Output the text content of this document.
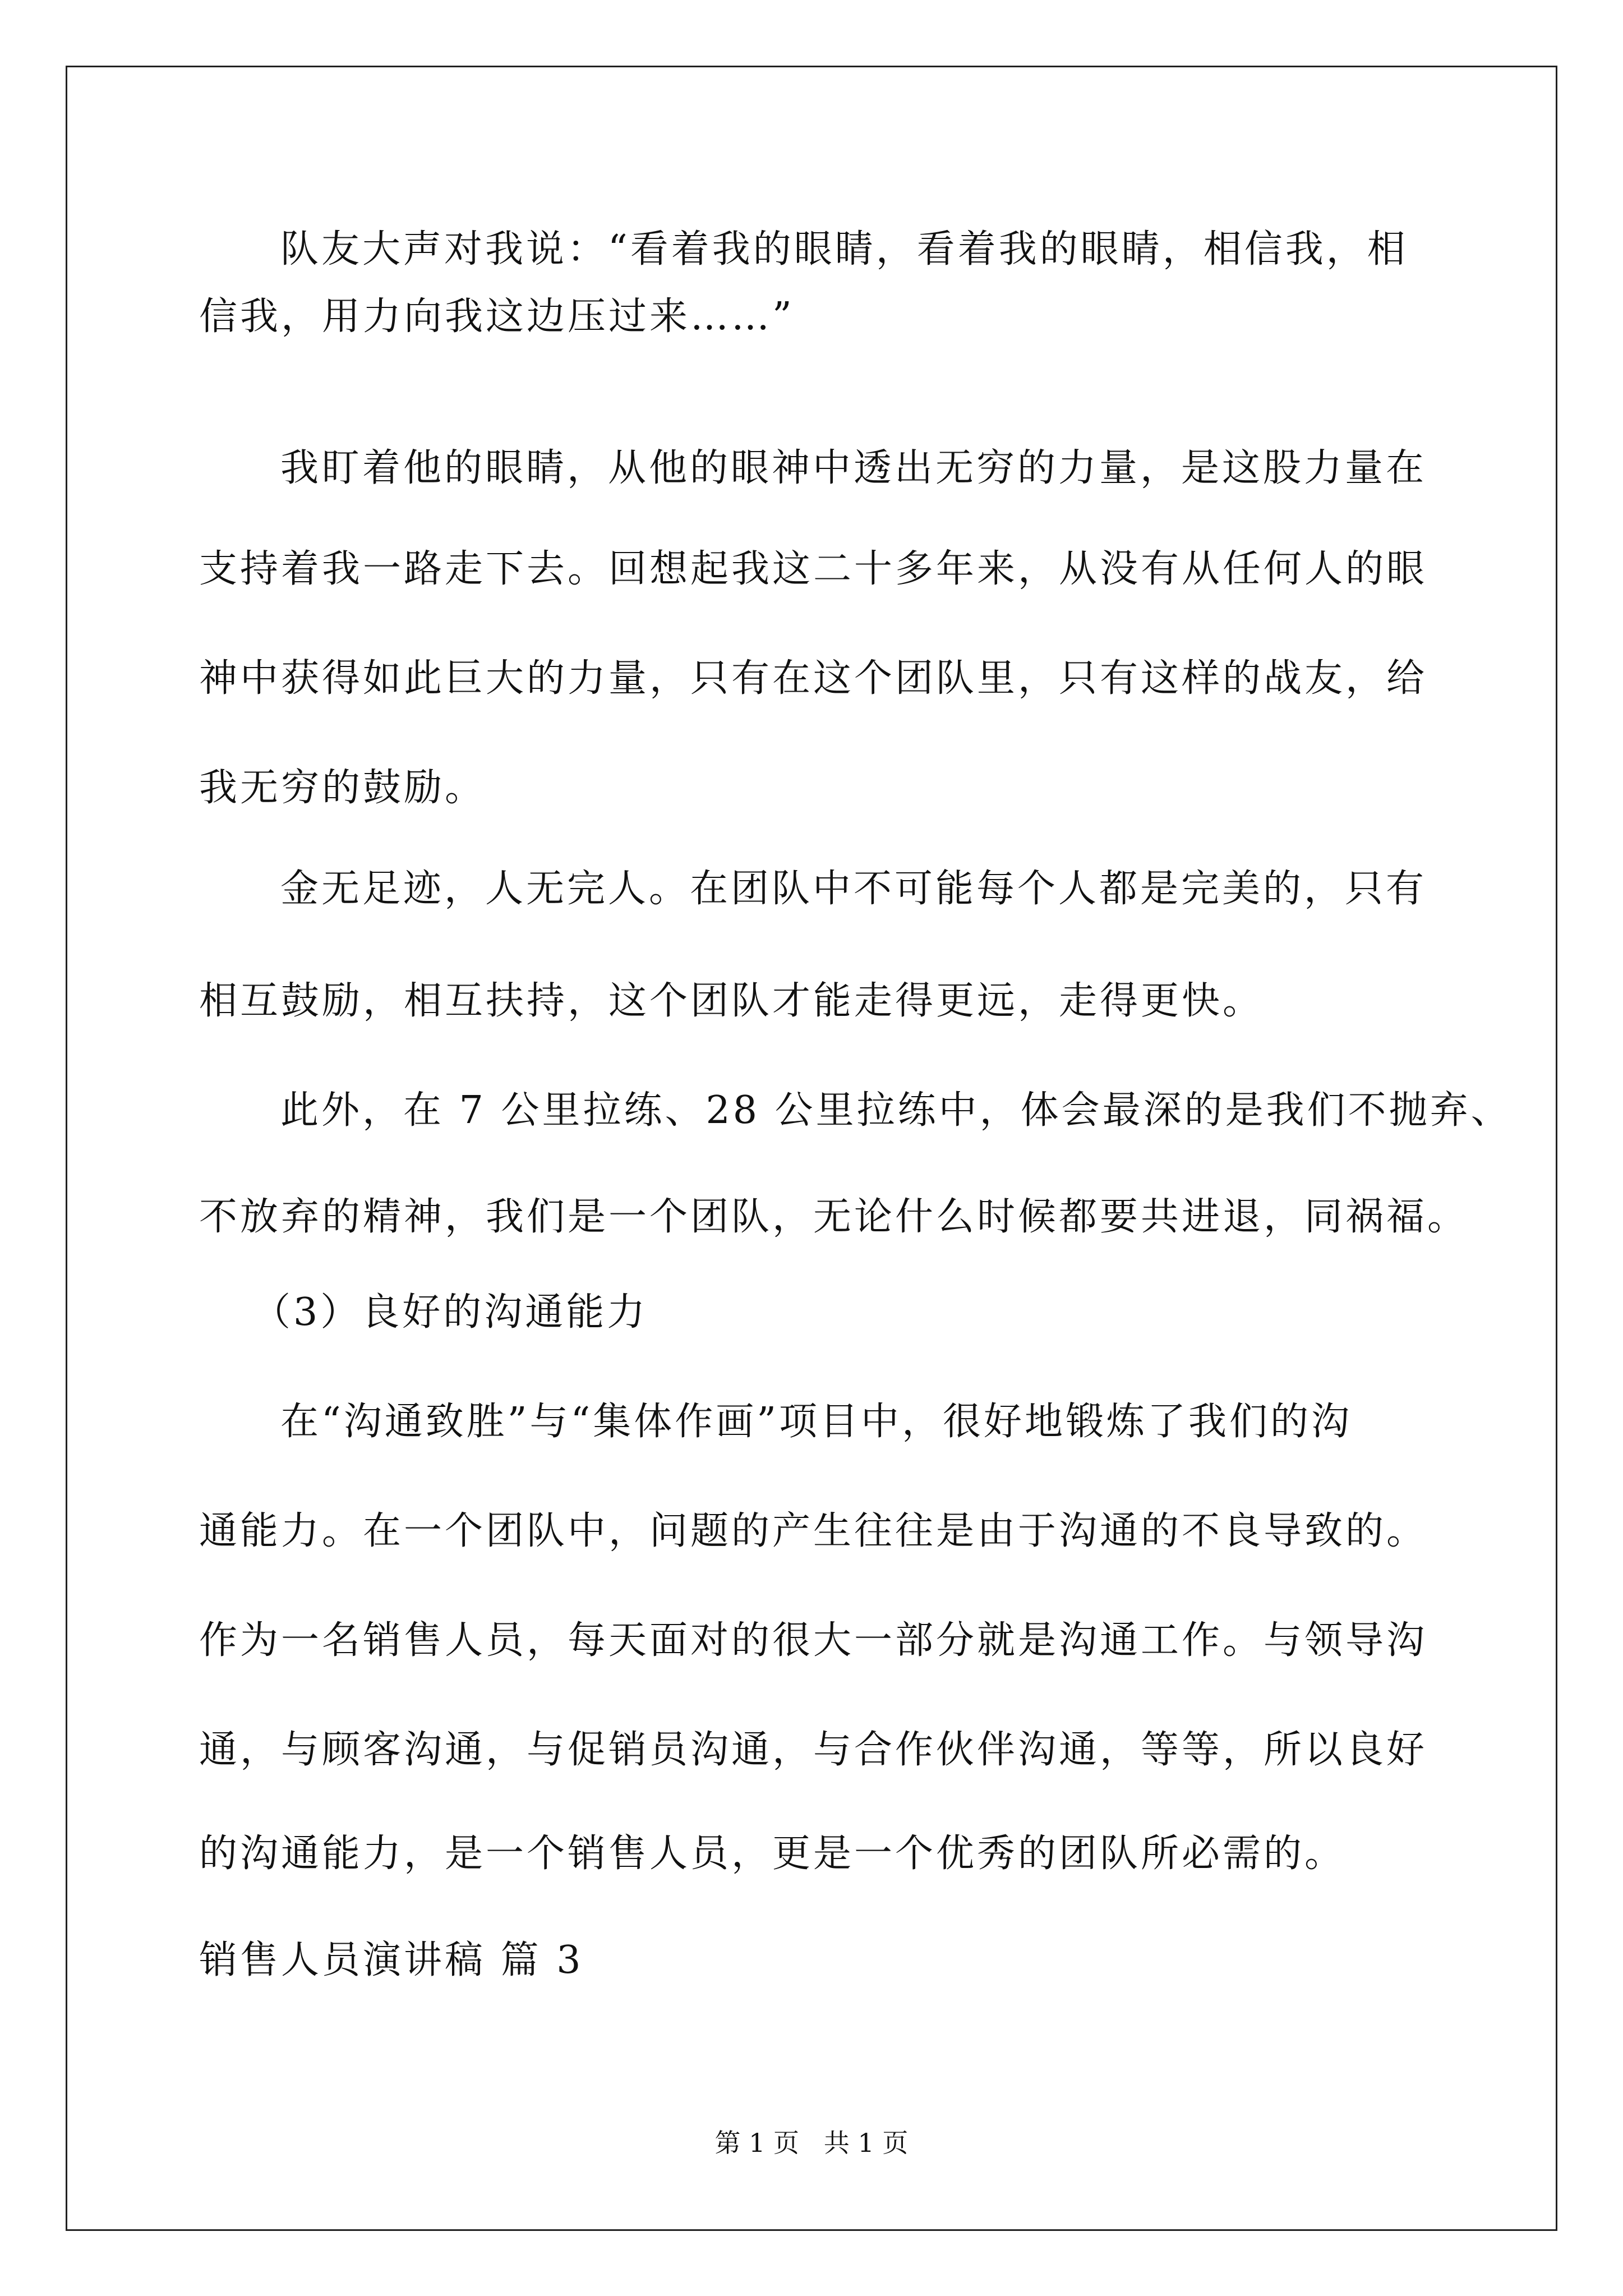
队友大声对我说：“看着我的眼睛，看着我的眼睛，相信我，相
信我，用力向我这边压过来……”
我盯着他的眼睛，从他的眼神中透出无穷的力量，是这股力量在
支持着我一路走下去。回想起我这二十多年来，从没有从任何人的眼
神中获得如此巨大的力量，只有在这个团队里，只有这样的战友，给
我无穷的鼓励。
金无足迹，人无完人。在团队中不可能每个人都是完美的，只有
相互鼓励，相互扶持，这个团队才能走得更远，走得更快。
此外，在 7 公里拉练、28 公里拉练中，体会最深的是我们不抛弃、
不放弃的精神，我们是一个团队，无论什么时候都要共进退，同祸福。
（3）良好的沟通能力
在“沟通致胜”与“集体作画”项目中，很好地锻炼了我们的沟
通能力。在一个团队中，问题的产生往往是由于沟通的不良导致的。
作为一名销售人员，每天面对的很大一部分就是沟通工作。与领导沟
通，与顾客沟通，与促销员沟通，与合作伙伴沟通，等等，所以良好
的沟通能力，是一个销售人员，更是一个优秀的团队所必需的。
销售人员演讲稿 篇 3
第 1 页   共 1 页
